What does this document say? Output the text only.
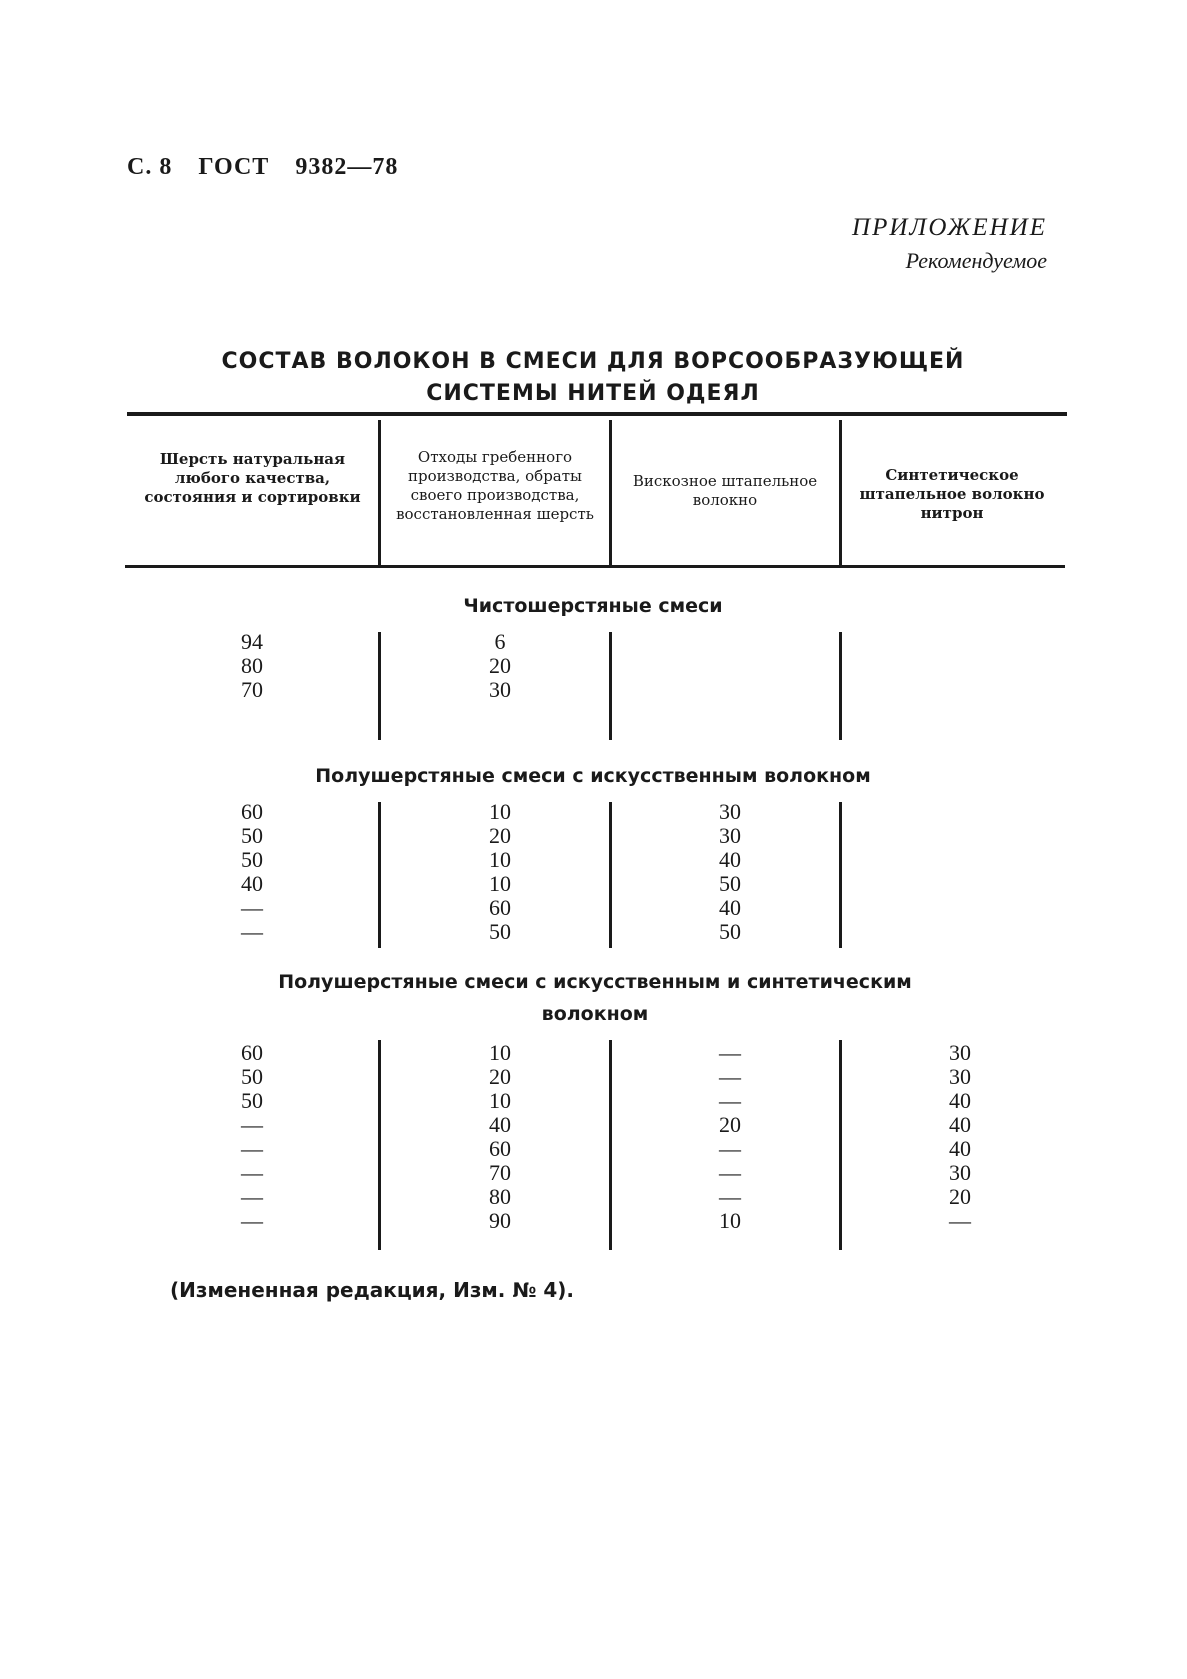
С. 8 ГОСТ 9382—78
ПРИЛОЖЕНИЕ
Рекомендуемое
СОСТАВ ВОЛОКОН В СМЕСИ ДЛЯ ВОРСООБРАЗУЮЩЕЙ
СИСТЕМЫ НИТЕЙ ОДЕЯЛ
Шерсть натуральная любого качества, состояния и сортировки
Отходы гребенного производства, обраты своего производства, восстановленная шерсть
Вискозное штапельное волокно
Синтетическое штапельное волокно нитрон
Чистошерстяные смеси
94
80
70
6
20
30
Полушерстяные смеси с искусственным волокном
60
50
50
40
—
—
10
20
10
10
60
50
30
30
40
50
40
50
Полушерстяные смеси с искусственным и синтетическим волокном
60
50
50
—
—
—
—
—
10
20
10
40
60
70
80
90
—
—
—
20
—
—
—
10
30
30
40
40
40
30
20
—
(Измененная редакция, Изм. № 4).
